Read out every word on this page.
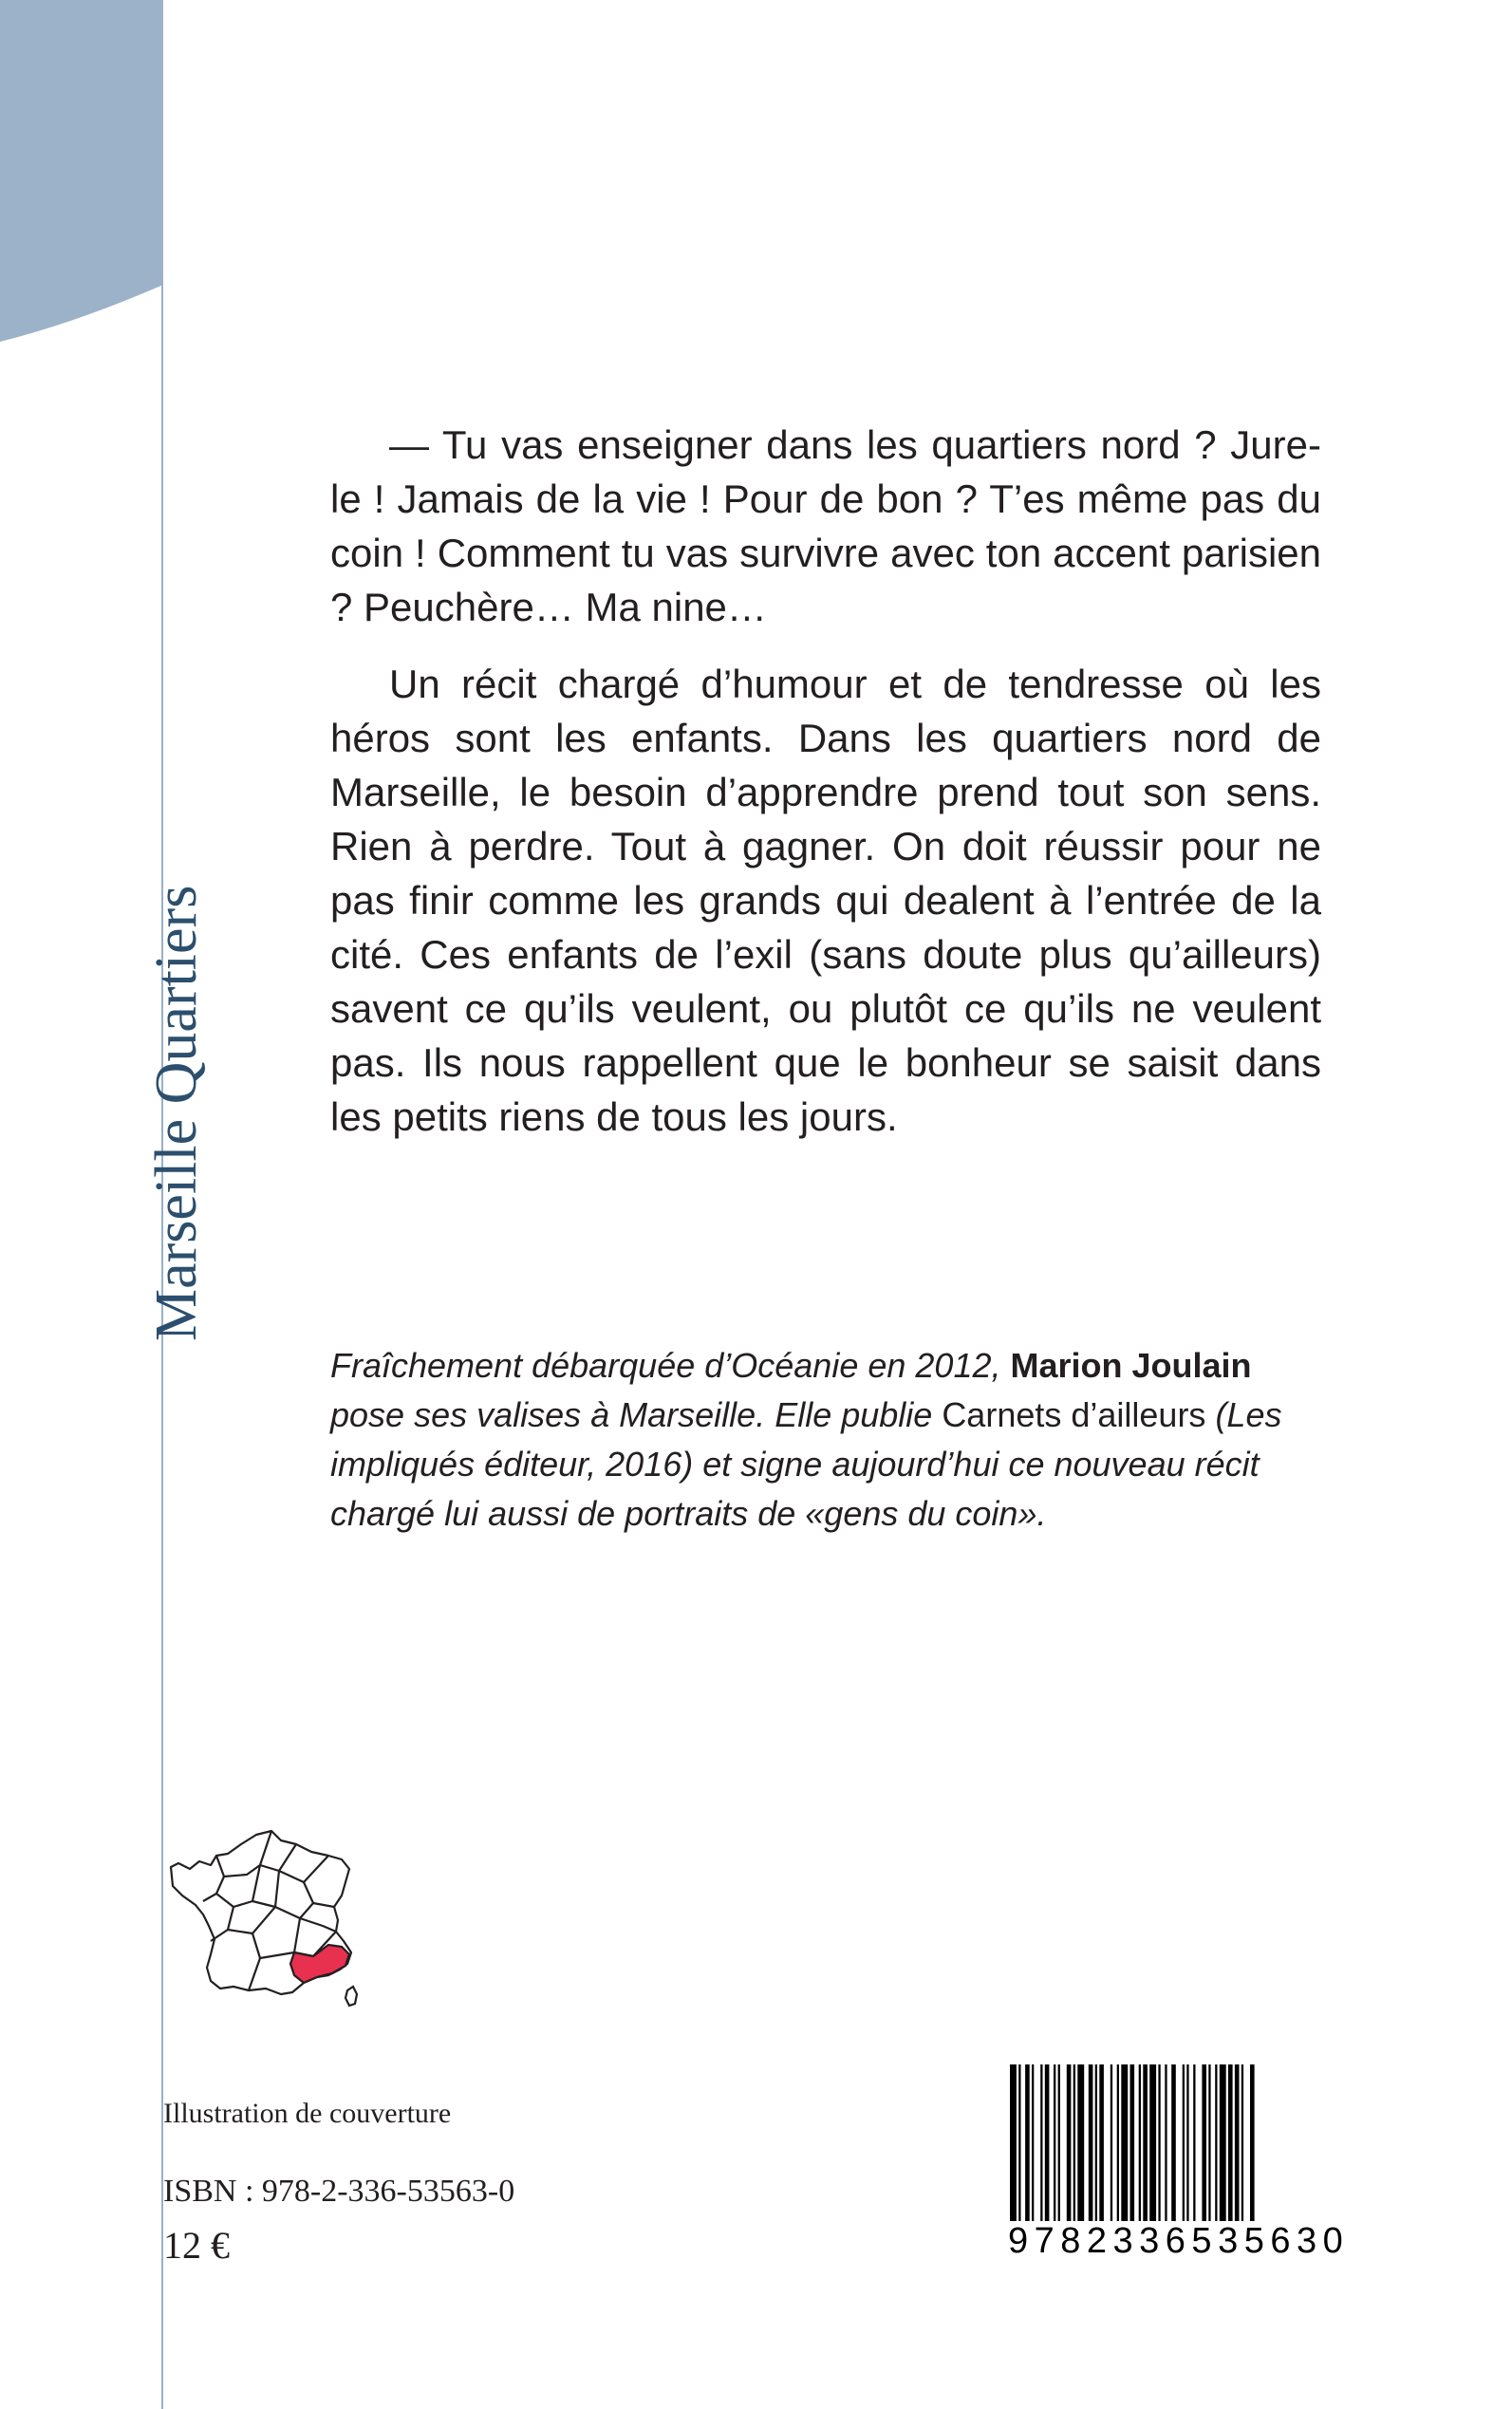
Marseille Quartiers

— Tu vas enseigner dans les quartiers nord ? Jure-le ! Jamais de la vie ! Pour de bon ? T’es même pas du coin ! Comment tu vas survivre avec ton accent parisien ? Peuchère… Ma nine…

Un récit chargé d’humour et de tendresse où les héros sont les enfants. Dans les quartiers nord de Marseille, le besoin d’apprendre prend tout son sens. Rien à perdre. Tout à gagner. On doit réussir pour ne pas finir comme les grands qui dealent à l’entrée de la cité. Ces enfants de l’exil (sans doute plus qu’ailleurs) savent ce qu’ils veulent, ou plutôt ce qu’ils ne veulent pas. Ils nous rappellent que le bonheur se saisit dans les petits riens de tous les jours.

Fraîchement débarquée d’Océanie en 2012, Marion Joulain pose ses valises à Marseille. Elle publie Carnets d’ailleurs (Les impliqués éditeur, 2016) et signe aujourd’hui ce nouveau récit chargé lui aussi de portraits de «gens du coin».
Illustration de couverture
ISBN : 978-2-336-53563-0
12 €	9782336535630
